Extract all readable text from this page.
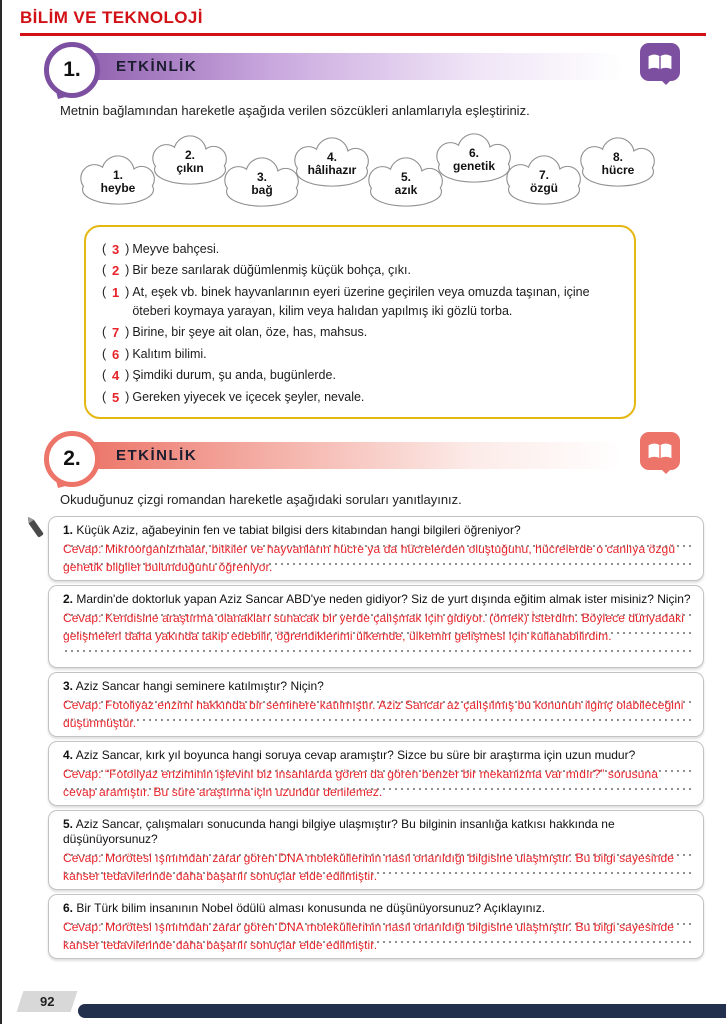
BİLİM VE TEKNOLOJİ
1. ETKİNLİK
Metnin bağlamından hareketle aşağıda verilen sözcükleri anlamlarıyla eşleştiriniz.
1.
heybe
2.
çıkın
3.
bağ
4.
hâlihazır	5.
azık
6.
genetik
7.
özgü
8.
hücre
( 3 ) Meyve bahçesi.
( 2 ) Bir beze sarılarak düğümlenmiş küçük bohça, çıkı.
( 1 ) At, eşek vb. binek hayvanlarının eyeri üzerine geçirilen veya omuzda taşınan, içine öteberi koymaya yarayan, kilim veya halıdan yapılmış iki gözlü torba.
( 7 ) Birine, bir şeye ait olan, öze, has, mahsus.
( 6 ) Kalıtım bilimi.
( 4 ) Şimdiki durum, şu anda, bugünlerde.
( 5 ) Gereken yiyecek ve içecek şeyler, nevale.
2. ETKİNLİK
Okuduğunuz çizgi romandan hareketle aşağıdaki soruları yanıtlayınız.
1. Küçük Aziz, ağabeyinin fen ve tabiat bilgisi ders kitabından hangi bilgileri öğreniyor?
Cevap: Mikroorganizmalar, bitkiler ve hayvanların hücre ya da hücrelerden oluştuğunu, hücrelerde o canlıya özgü genetik bilgiler bulunduğunu öğreniyor.
2. Mardin'de doktorluk yapan Aziz Sancar ABD'ye neden gidiyor? Siz de yurt dışında eğitim almak ister misiniz? Niçin?
Cevap: Kendisine araştırma olanakları sunacak bir yerde çalışmak için gidiyor. (örnek) İsterdim. Böylece dünyadaki gelişmeleri daha yakında takip edebilir, öğrendiklerimi ülkemde, ülkemin gelişmesi için kullanabilirdim.
3. Aziz Sancar hangi seminere katılmıştır? Niçin?
Cevap: Fotoliyaz enzimi hakkında bir seminere katılmıştır. Aziz Sancar az çalışılmış bu konunun ilginç olabileceğini düşünmüştür.
4. Aziz Sancar, kırk yıl boyunca hangi soruya cevap aramıştır? Sizce bu süre bir araştırma için uzun mudur?
Cevap: “Fotoliyaz enziminin işlevini biz insanlarda gören da gören benzer bir mekanizma var mıdır?” sorusuna cevap aramıştır. Bu süre araştırma için uzundur denilemez.
5. Aziz Sancar, çalışmaları sonucunda hangi bilgiye ulaşmıştır? Bu bilginin insanlığa katkısı hakkında ne düşünüyorsunuz?
Cevap: Morötesi ışınımdan zarar gören DNA moleküllerinin nasıl onarıldığı bilgisine ulaşmıştır. Bu bilgi sayesinde kanser tedavilerinde daha başarılı sonuçlar elde edilmiştir.
6. Bir Türk bilim insanının Nobel ödülü alması konusunda ne düşünüyorsunuz? Açıklayınız.
Cevap: Morötesi ışınımdan zarar gören DNA moleküllerinin nasıl onarıldığı bilgisine ulaşmıştır. Bu bilgi sayesinde kanser tedavilerinde daha başarılı sonuçlar elde edilmiştir.
92
